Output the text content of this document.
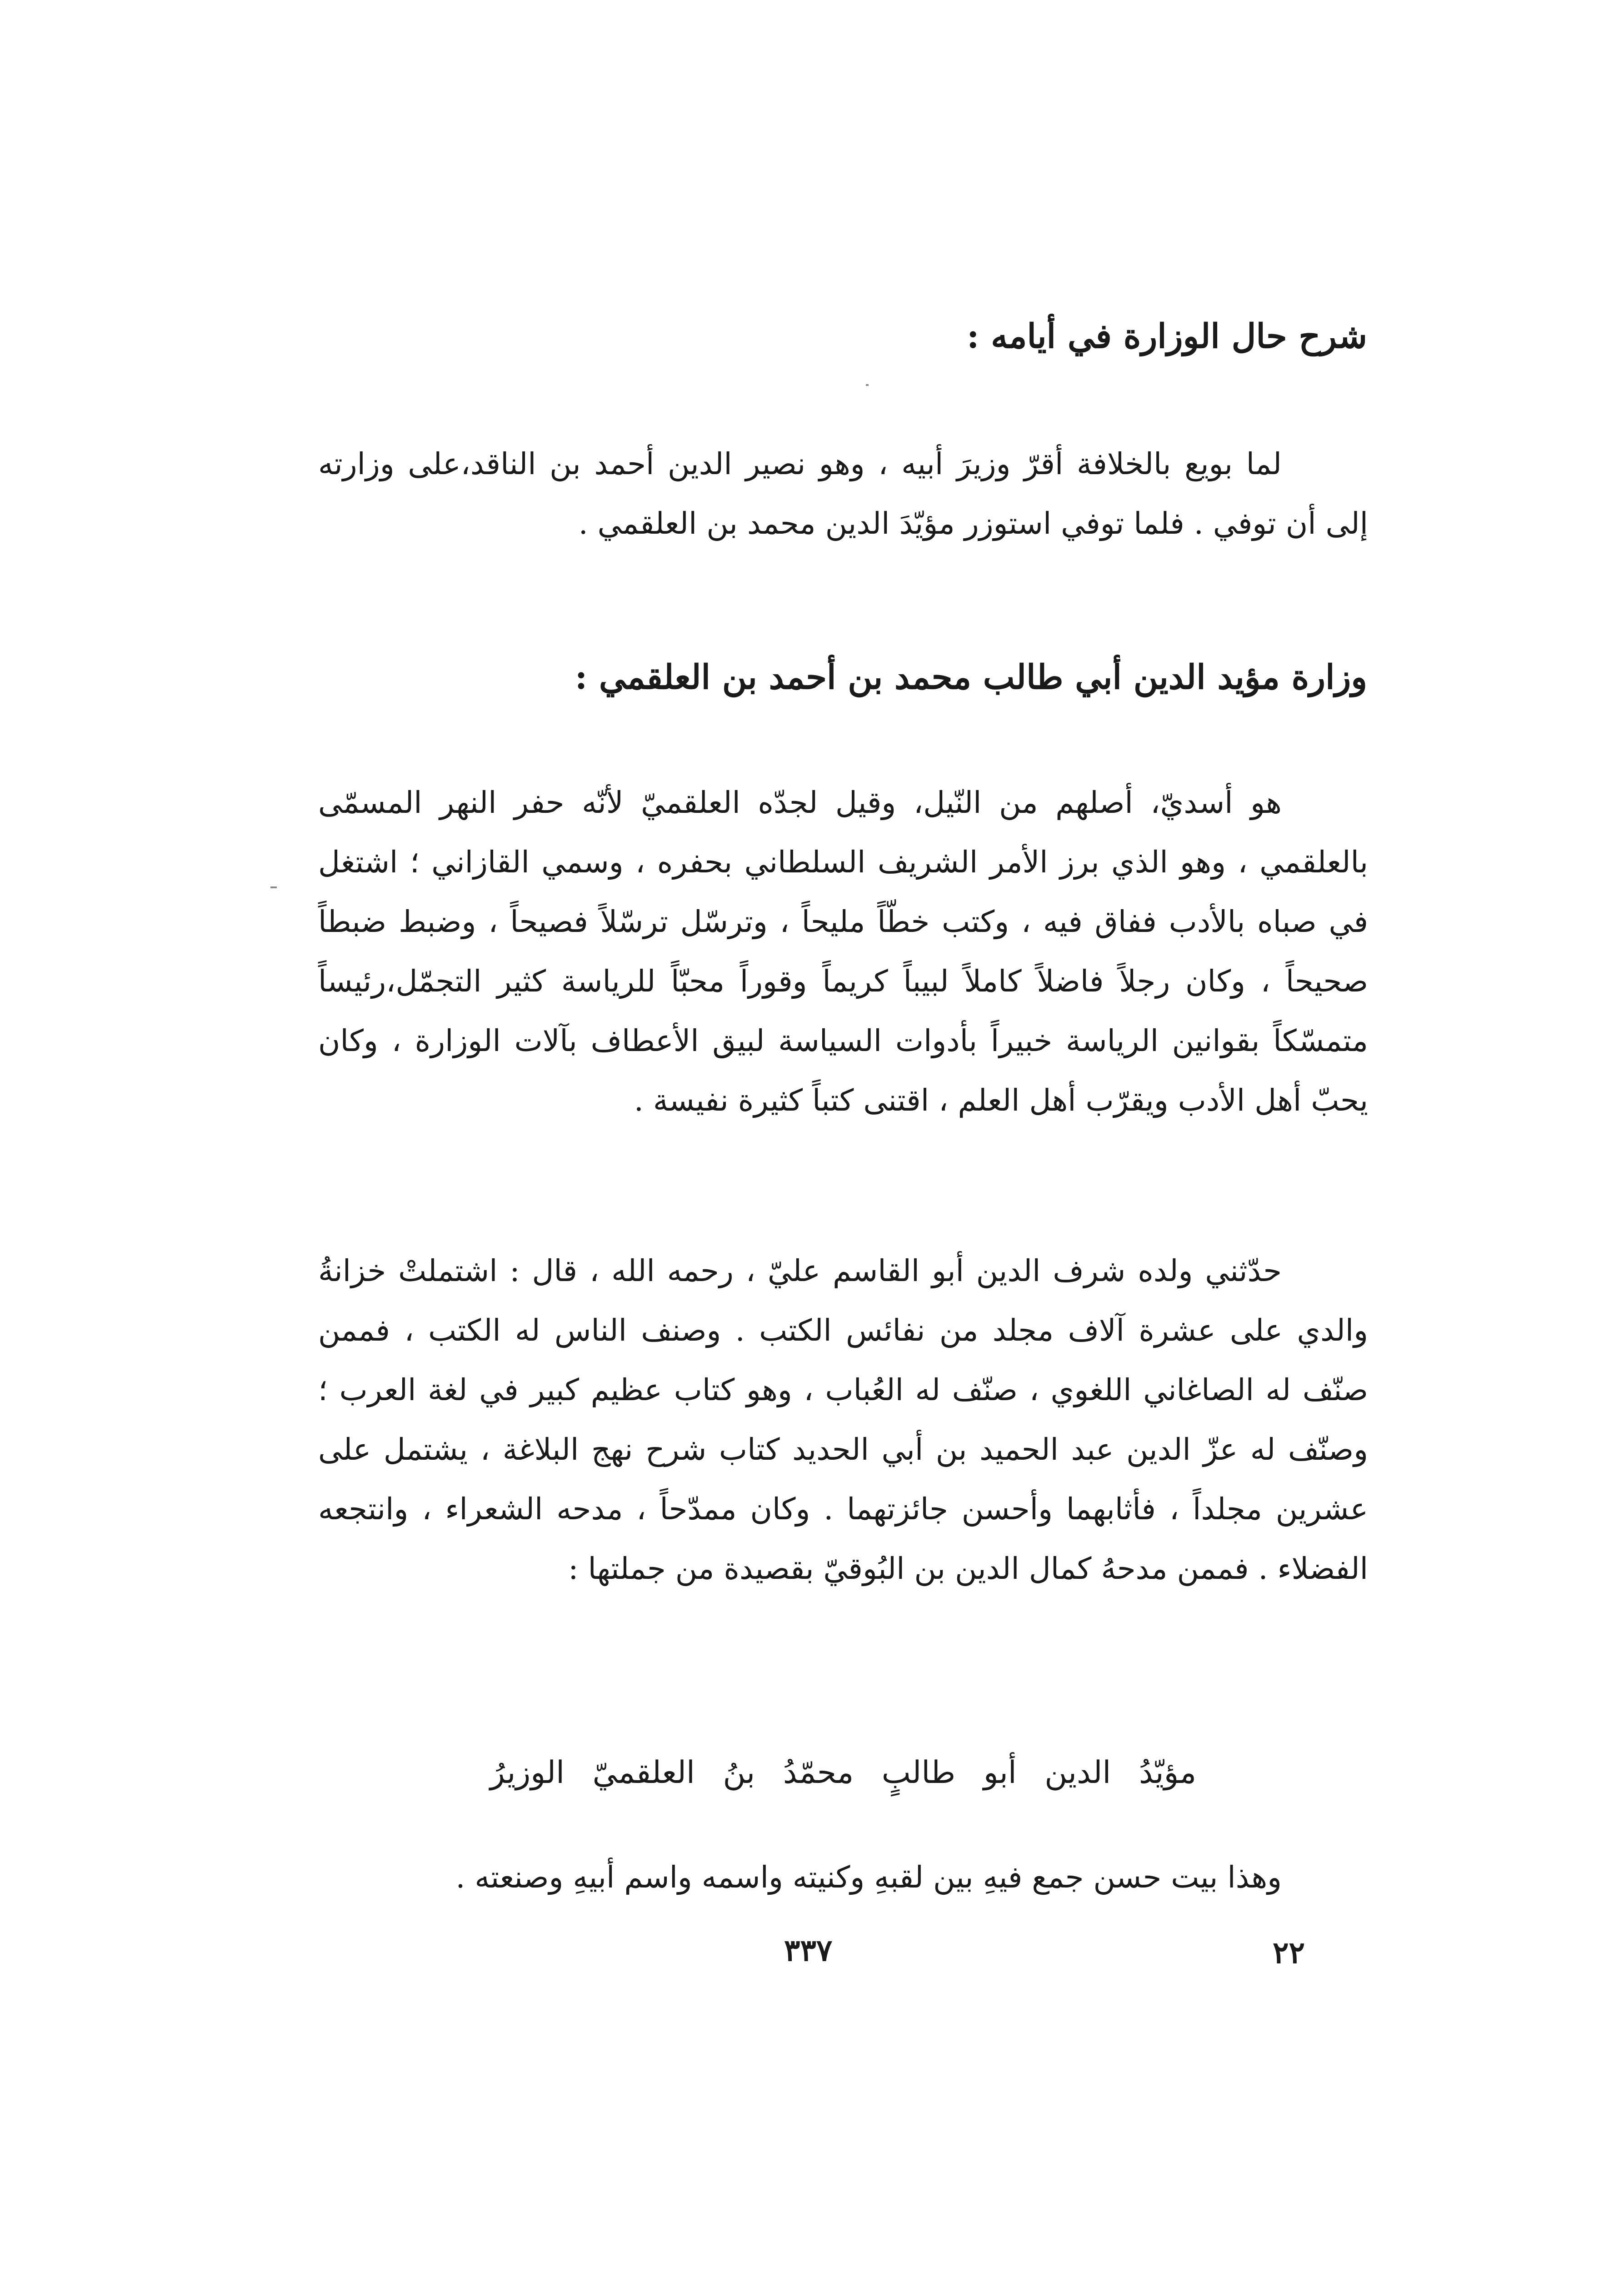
شرح حال الوزارة في أيامه :

لما بويع بالخلافة أقرّ وزيرَ أبيه ، وهو نصير الدين أحمد بن الناقد،على وزارته إلى أن توفي . فلما توفي استوزر مؤيّدَ الدين محمد بن العلقمي .

وزارة مؤيد الدين أبي طالب محمد بن أحمد بن العلقمي :

هو أسديّ، أصلهم من النّيل، وقيل لجدّه العلقميّ لأنّه حفر النهر المسمّى بالعلقمي ، وهو الذي برز الأمر الشريف السلطاني بحفره ، وسمي القازاني ؛ اشتغل في صباه بالأدب ففاق فيه ، وكتب خطّاً مليحاً ، وترسّل ترسّلاً فصيحاً ، وضبط ضبطاً صحيحاً ، وكان رجلاً فاضلاً كاملاً لبيباً كريماً وقوراً محبّاً للرياسة كثير التجمّل،رئيساً متمسّكاً بقوانين الرياسة خبيراً بأدوات السياسة لبيق الأعطاف بآلات الوزارة ، وكان يحبّ أهل الأدب ويقرّب أهل العلم ، اقتنى كتباً كثيرة نفيسة .

حدّثني ولده شرف الدين أبو القاسم عليّ ، رحمه الله ، قال : اشتملتْ خزانةُ والدي على عشرة آلاف مجلد من نفائس الكتب . وصنف الناس له الكتب ، فممن صنّف له الصاغاني اللغوي ، صنّف له العُباب ، وهو كتاب عظيم كبير في لغة العرب ؛ وصنّف له عزّ الدين عبد الحميد بن أبي الحديد كتاب شرح نهج البلاغة ، يشتمل على عشرين مجلداً ، فأثابهما وأحسن جائزتهما . وكان ممدّحاً ، مدحه الشعراء ، وانتجعه الفضلاء . فممن مدحهُ كمال الدين بن البُوقيّ بقصيدة من جملتها :

مؤيّدُ الدين أبو طالبٍ محمّدُ بنُ العلقميّ الوزيرُ
وهذا بيت حسن جمع فيهِ بين لقبهِ وكنيته واسمه واسم أبيهِ وصنعته .
٣٣٧	٢٢
